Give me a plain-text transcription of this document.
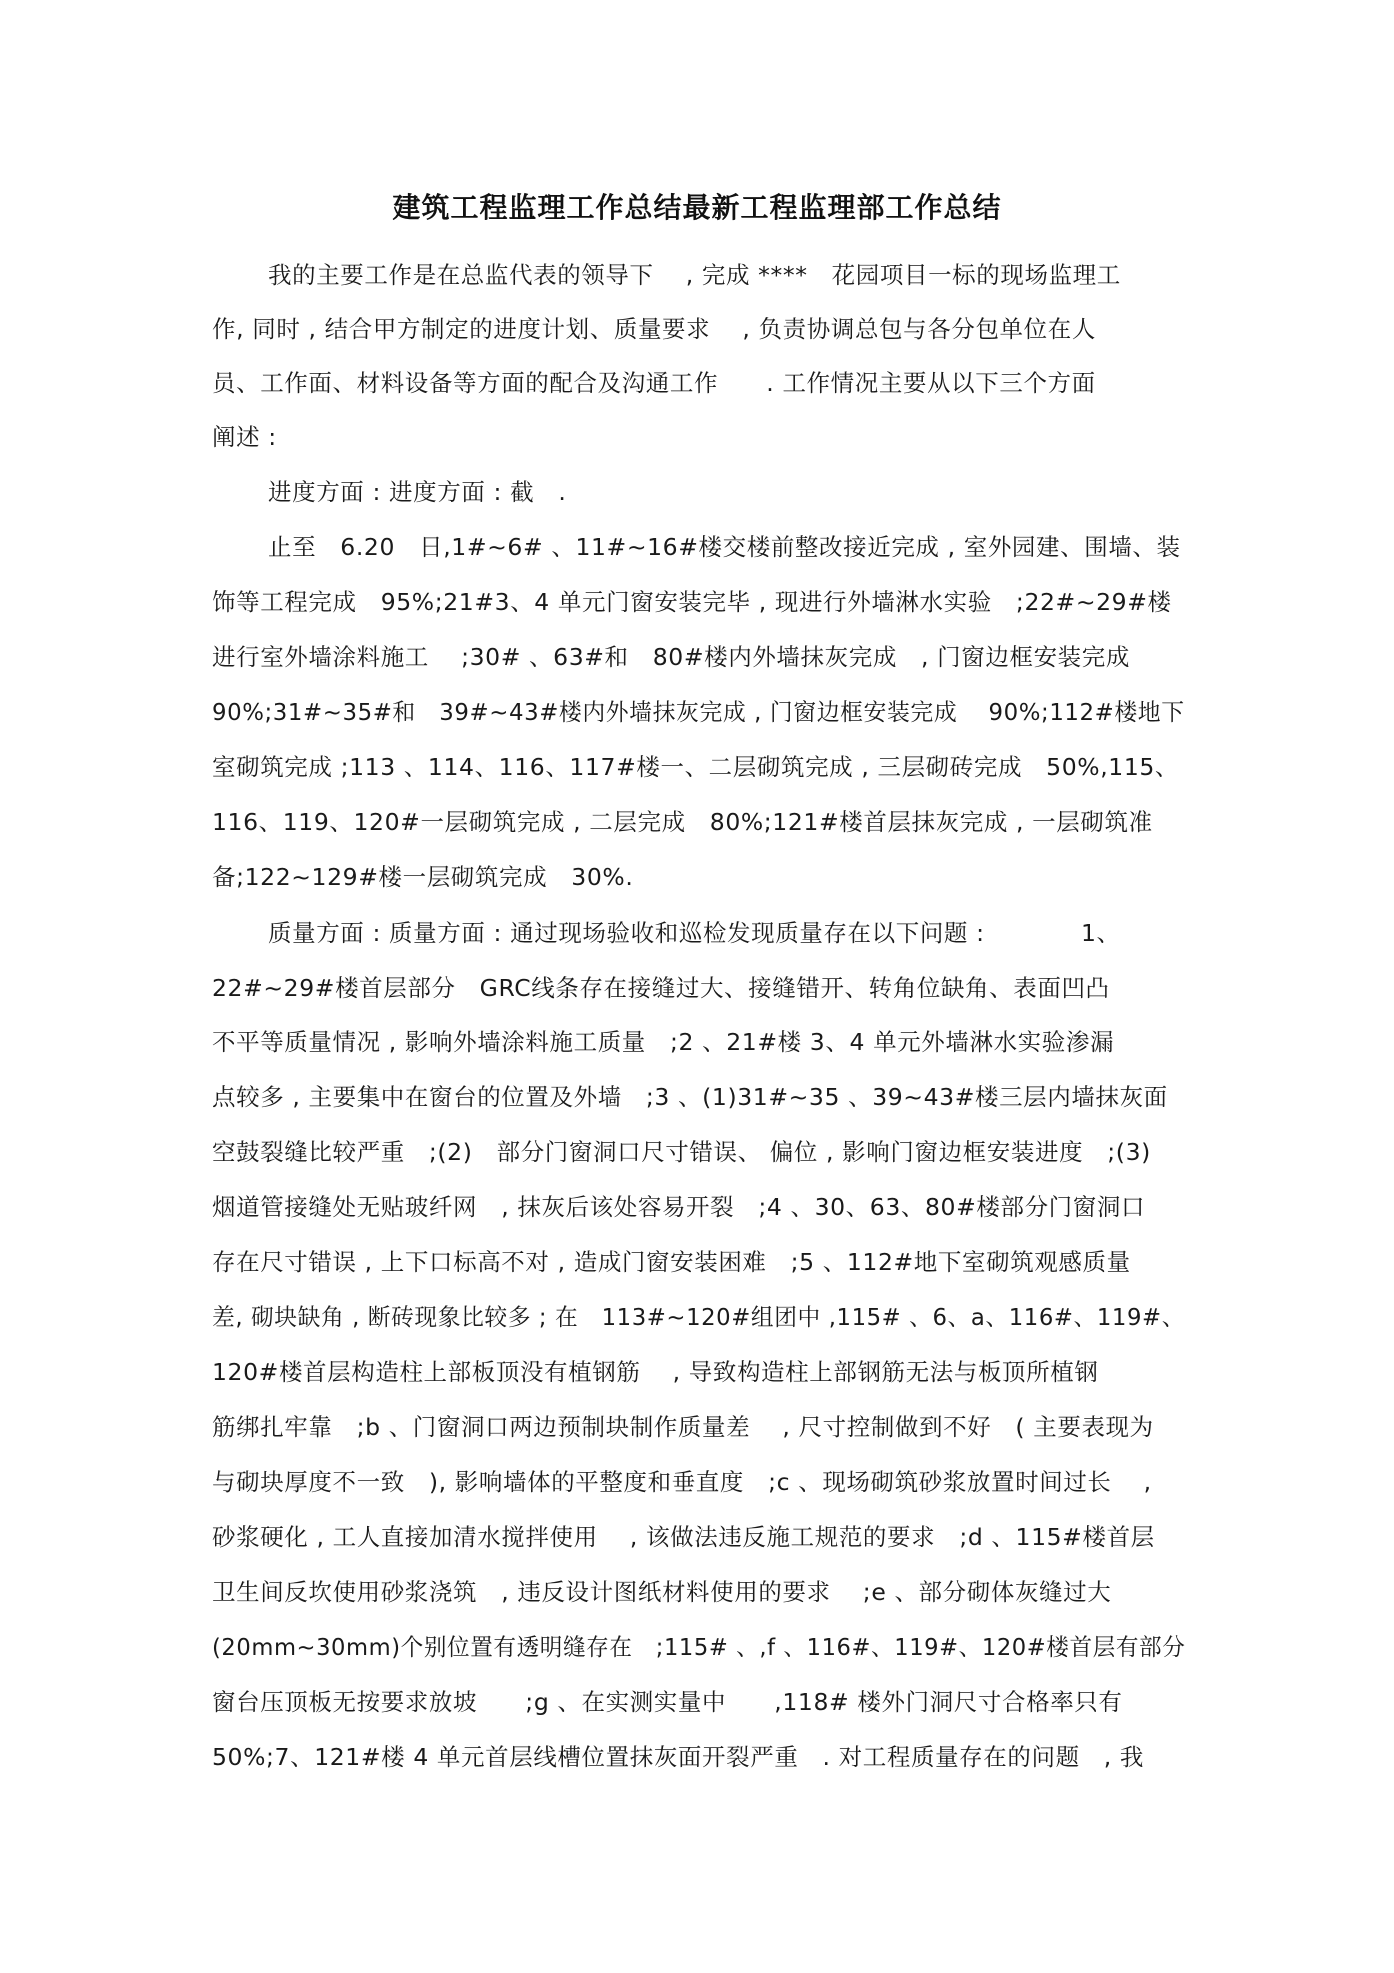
建筑工程监理工作总结最新工程监理部工作总结
我的主要工作是在总监代表的领导下　 , 完成 ****　花园项目一标的现场监理工
作, 同时 , 结合甲方制定的进度计划、质量要求　 , 负责协调总包与各分包单位在人
员、工作面、材料设备等方面的配合及沟通工作　　. 工作情况主要从以下三个方面
阐述 :
进度方面 : 进度方面 : 截　.
止至　6.20　日,1#~6# 、11#~16#楼交楼前整改接近完成 , 室外园建、围墙、装
饰等工程完成　95%;21#3、4 单元门窗安装完毕 , 现进行外墙淋水实验　;22#~29#楼
进行室外墙涂料施工　 ;30# 、63#和　80#楼内外墙抹灰完成　, 门窗边框安装完成
90%;31#~35#和　39#~43#楼内外墙抹灰完成 , 门窗边框安装完成　 90%;112#楼地下
室砌筑完成 ;113 、114、116、117#楼一、二层砌筑完成 , 三层砌砖完成　50%,115、
116、119、120#一层砌筑完成 , 二层完成　80%;121#楼首层抹灰完成 , 一层砌筑准
备;122~129#楼一层砌筑完成　30%.
质量方面 : 质量方面 : 通过现场验收和巡检发现质量存在以下问题 :　　　　1、
22#~29#楼首层部分　GRC线条存在接缝过大、接缝错开、转角位缺角、表面凹凸
不平等质量情况 , 影响外墙涂料施工质量　;2 、21#楼 3、4 单元外墙淋水实验渗漏
点较多 , 主要集中在窗台的位置及外墙　;3 、(1)31#~35 、39~43#楼三层内墙抹灰面
空鼓裂缝比较严重　;(2)　部分门窗洞口尺寸错误、 偏位 , 影响门窗边框安装进度　;(3)
烟道管接缝处无贴玻纤网　, 抹灰后该处容易开裂　;4 、30、63、80#楼部分门窗洞口
存在尺寸错误 , 上下口标高不对 , 造成门窗安装困难　;5 、112#地下室砌筑观感质量
差, 砌块缺角 , 断砖现象比较多 ; 在　113#~120#组团中 ,115# 、6、a、116#、119#、
120#楼首层构造柱上部板顶没有植钢筋　 , 导致构造柱上部钢筋无法与板顶所植钢
筋绑扎牢靠　;b 、门窗洞口两边预制块制作质量差　 , 尺寸控制做到不好　( 主要表现为
与砌块厚度不一致　), 影响墙体的平整度和垂直度　;c 、现场砌筑砂浆放置时间过长　 ,
砂浆硬化 , 工人直接加清水搅拌使用　 , 该做法违反施工规范的要求　;d 、115#楼首层
卫生间反坎使用砂浆浇筑　, 违反设计图纸材料使用的要求　 ;e 、部分砌体灰缝过大
(20mm~30mm)个别位置有透明缝存在　;115# 、,f 、116#、119#、120#楼首层有部分
窗台压顶板无按要求放坡　　;g 、在实测实量中　　,118# 楼外门洞尺寸合格率只有
50%;7、121#楼 4 单元首层线槽位置抹灰面开裂严重　. 对工程质量存在的问题　, 我
